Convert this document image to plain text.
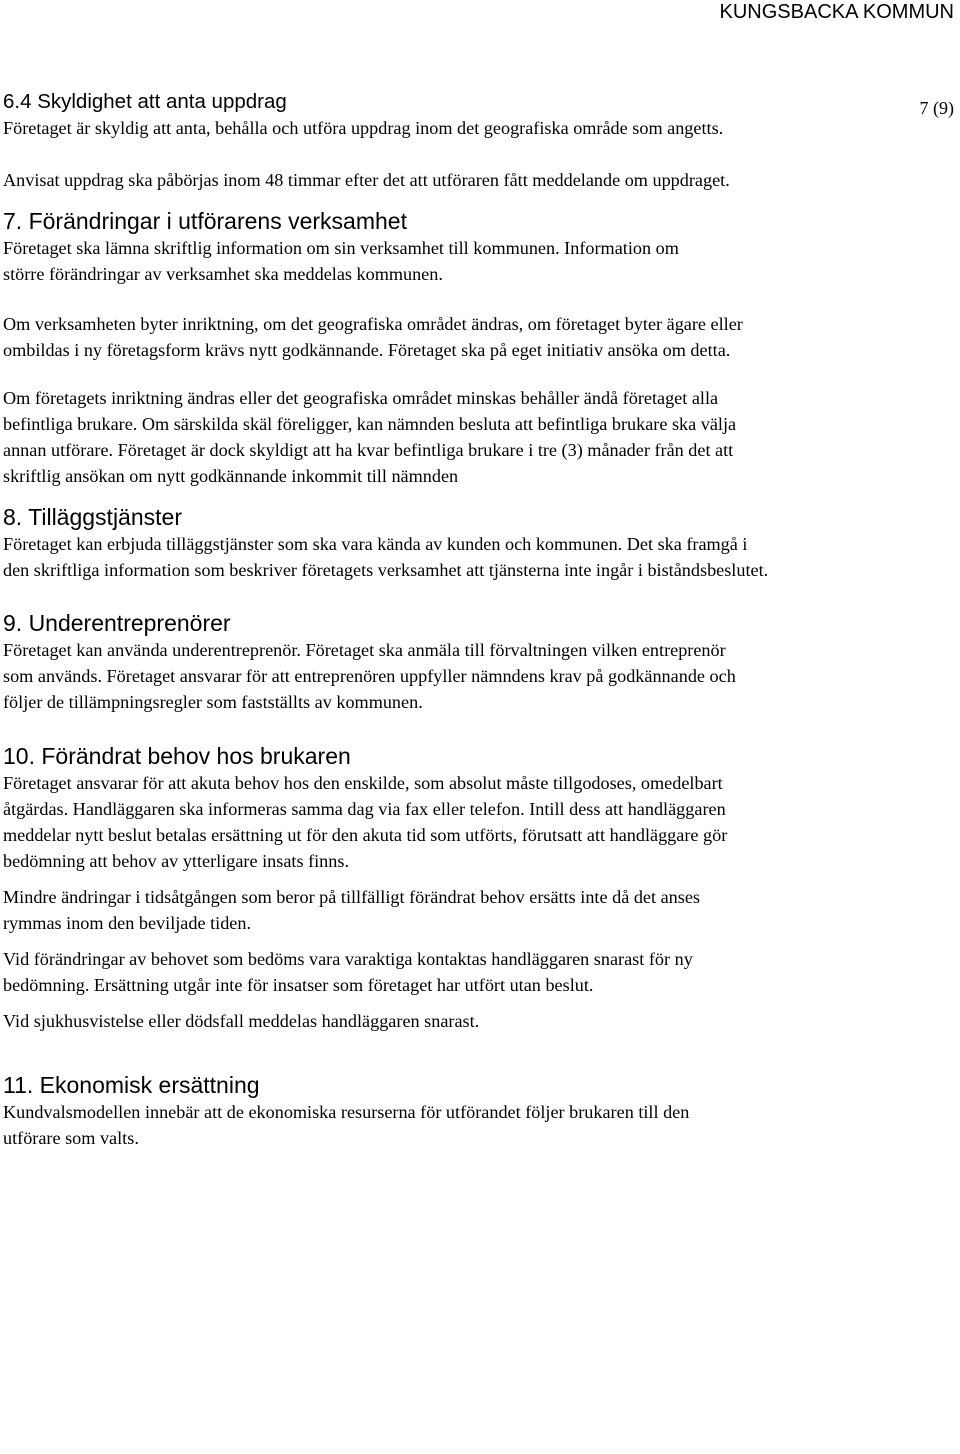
KUNGSBACKA KOMMUN
7 (9)
6.4 Skyldighet att anta uppdrag

Företaget är skyldig att anta, behålla och utföra uppdrag inom det geografiska område som angetts.

Anvisat uppdrag ska påbörjas inom 48 timmar efter det att utföraren fått meddelande om uppdraget.

7. Förändringar i utförarens verksamhet

Företaget ska lämna skriftlig information om sin verksamhet till kommunen. Information om större förändringar av verksamhet ska meddelas kommunen.

Om verksamheten byter inriktning, om det geografiska området ändras, om företaget byter ägare eller ombildas i ny företagsform krävs nytt godkännande. Företaget ska på eget initiativ ansöka om detta.

Om företagets inriktning ändras eller det geografiska området minskas behåller ändå företaget alla befintliga brukare. Om särskilda skäl föreligger, kan nämnden besluta att befintliga brukare ska välja annan utförare. Företaget är dock skyldigt att ha kvar befintliga brukare i tre (3) månader från det att skriftlig ansökan om nytt godkännande inkommit till nämnden

8. Tilläggstjänster

Företaget kan erbjuda tilläggstjänster som ska vara kända av kunden och kommunen. Det ska framgå i den skriftliga information som beskriver företagets verksamhet att tjänsterna inte ingår i biståndsbeslutet.

9. Underentreprenörer

Företaget kan använda underentreprenör. Företaget ska anmäla till förvaltningen vilken entreprenör som används. Företaget ansvarar för att entreprenören uppfyller nämndens krav på godkännande och följer de tillämpningsregler som fastställts av kommunen.

10. Förändrat behov hos brukaren

Företaget ansvarar för att akuta behov hos den enskilde, som absolut måste tillgodoses, omedelbart åtgärdas. Handläggaren ska informeras samma dag via fax eller telefon. Intill dess att handläggaren meddelar nytt beslut betalas ersättning ut för den akuta tid som utförts, förutsatt att handläggare gör bedömning att behov av ytterligare insats finns.

Mindre ändringar i tidsåtgången som beror på tillfälligt förändrat behov ersätts inte då det anses rymmas inom den beviljade tiden.

Vid förändringar av behovet som bedöms vara varaktiga kontaktas handläggaren snarast för ny bedömning. Ersättning utgår inte för insatser som företaget har utfört utan beslut.

Vid sjukhusvistelse eller dödsfall meddelas handläggaren snarast.

11. Ekonomisk ersättning

Kundvalsmodellen innebär att de ekonomiska resurserna för utförandet följer brukaren till den utförare som valts.
